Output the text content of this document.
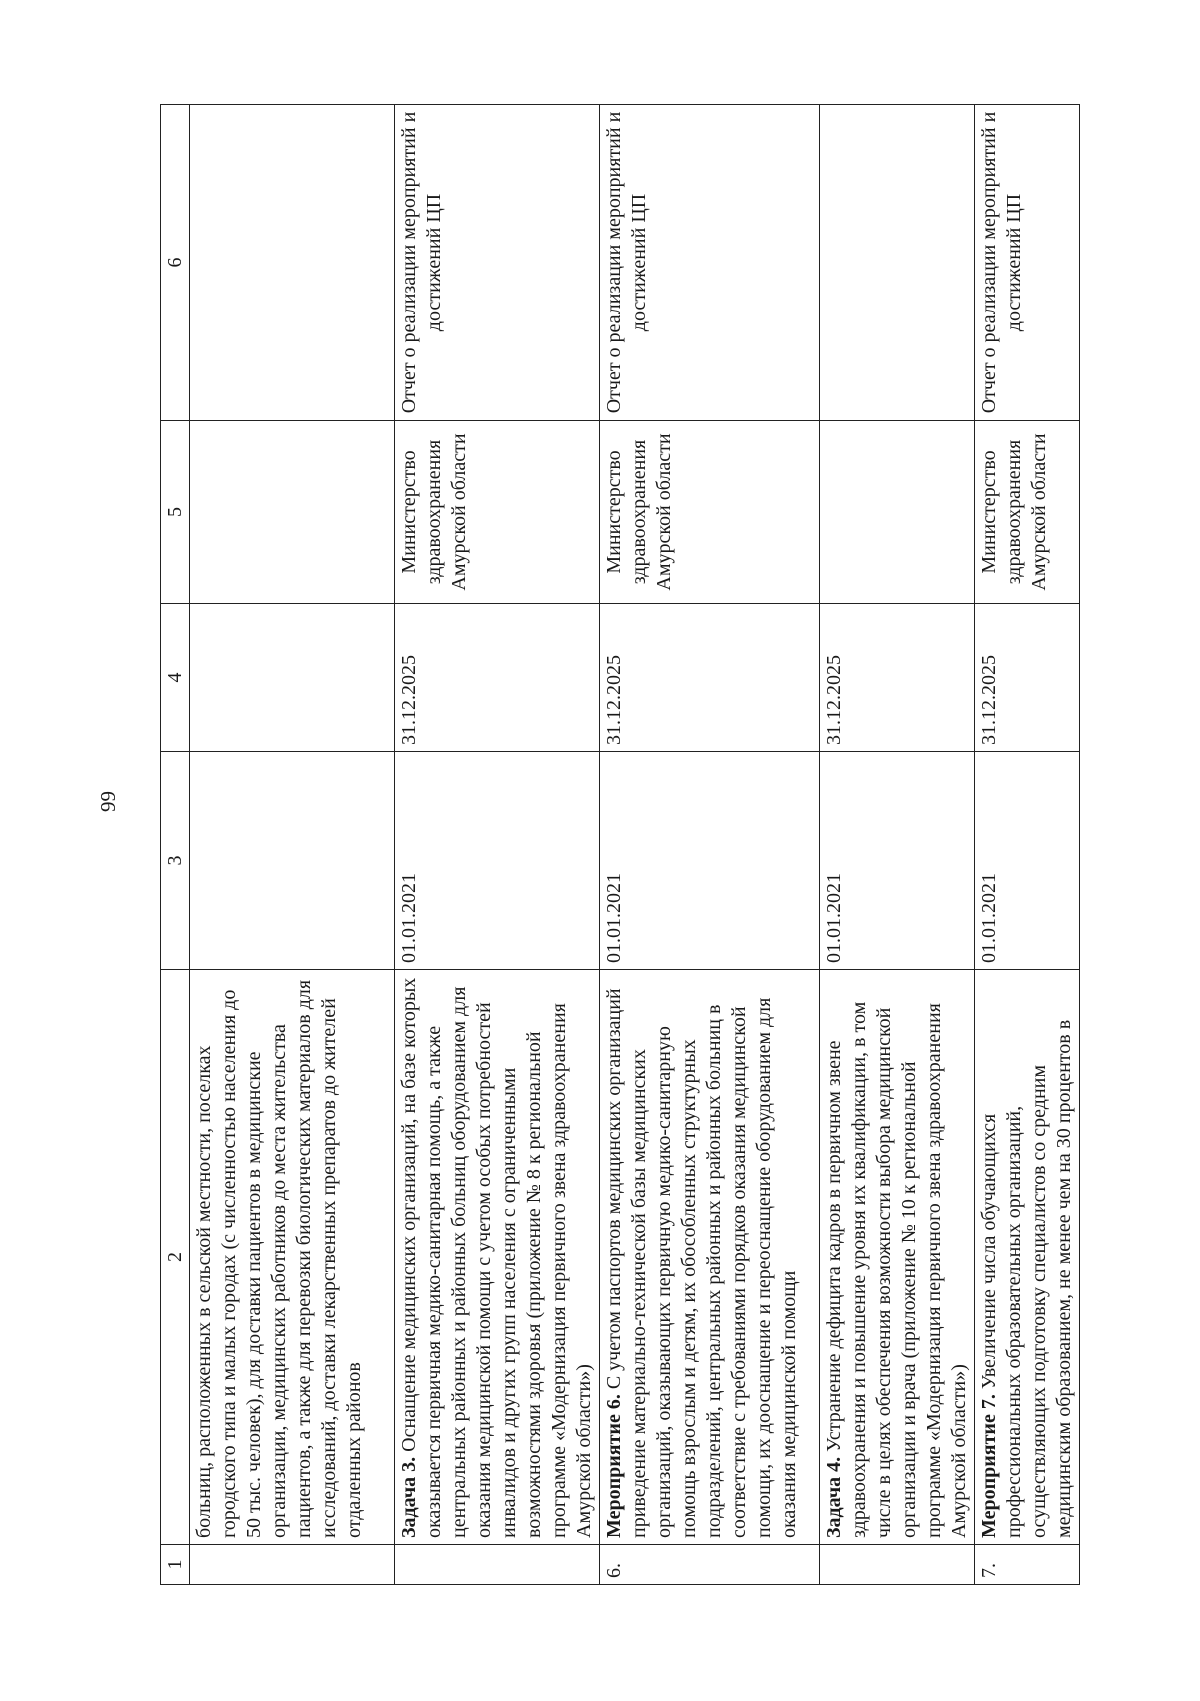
99
1	2	3	4	5	6
	больниц, расположенных в сельской местности, поселках городского типа и малых городах (с численностью населения до 50 тыс. человек), для доставки пациентов в медицинские организации, медицинских работников до места жительства пациентов, а также для перевозки биологических материалов для исследований, доставки лекарственных препаратов до жителей отдаленных районов				
	Задача 3. Оснащение медицинских организаций, на базе которых оказывается первичная медико-санитарная помощь, а также центральных районных и районных больниц оборудованием для оказания медицинской помощи с учетом особых потребностей инвалидов и других групп населения с ограниченными возможностями здоровья (приложение № 8 к региональной программе «Модернизация первичного звена здравоохранения Амурской области»)	01.01.2021	31.12.2025	Министерство здравоохранения Амурской области	Отчет о реализации мероприятий и достижений ЦП
6.	Мероприятие 6. С учетом паспортов медицинских организаций приведение материально-технической базы медицинских организаций, оказывающих первичную медико-санитарную помощь взрослым и детям, их обособленных структурных подразделений, центральных районных и районных больниц в соответствие с требованиями порядков оказания медицинской помощи, их дооснащение и переоснащение оборудованием для оказания медицинской помощи	01.01.2021	31.12.2025	Министерство здравоохранения Амурской области	Отчет о реализации мероприятий и достижений ЦП
	Задача 4. Устранение дефицита кадров в первичном звене здравоохранения и повышение уровня их квалификации, в том числе в целях обеспечения возможности выбора медицинской организации и врача (приложение № 10 к региональной программе «Модернизация первичного звена здравоохранения Амурской области»)	01.01.2021	31.12.2025		
7.	Мероприятие 7. Увеличение числа обучающихся профессиональных образовательных организаций, осуществляющих подготовку специалистов со средним медицинским образованием, не менее чем на 30 процентов в	01.01.2021	31.12.2025	Министерство здравоохранения Амурской области	Отчет о реализации мероприятий и достижений ЦП
